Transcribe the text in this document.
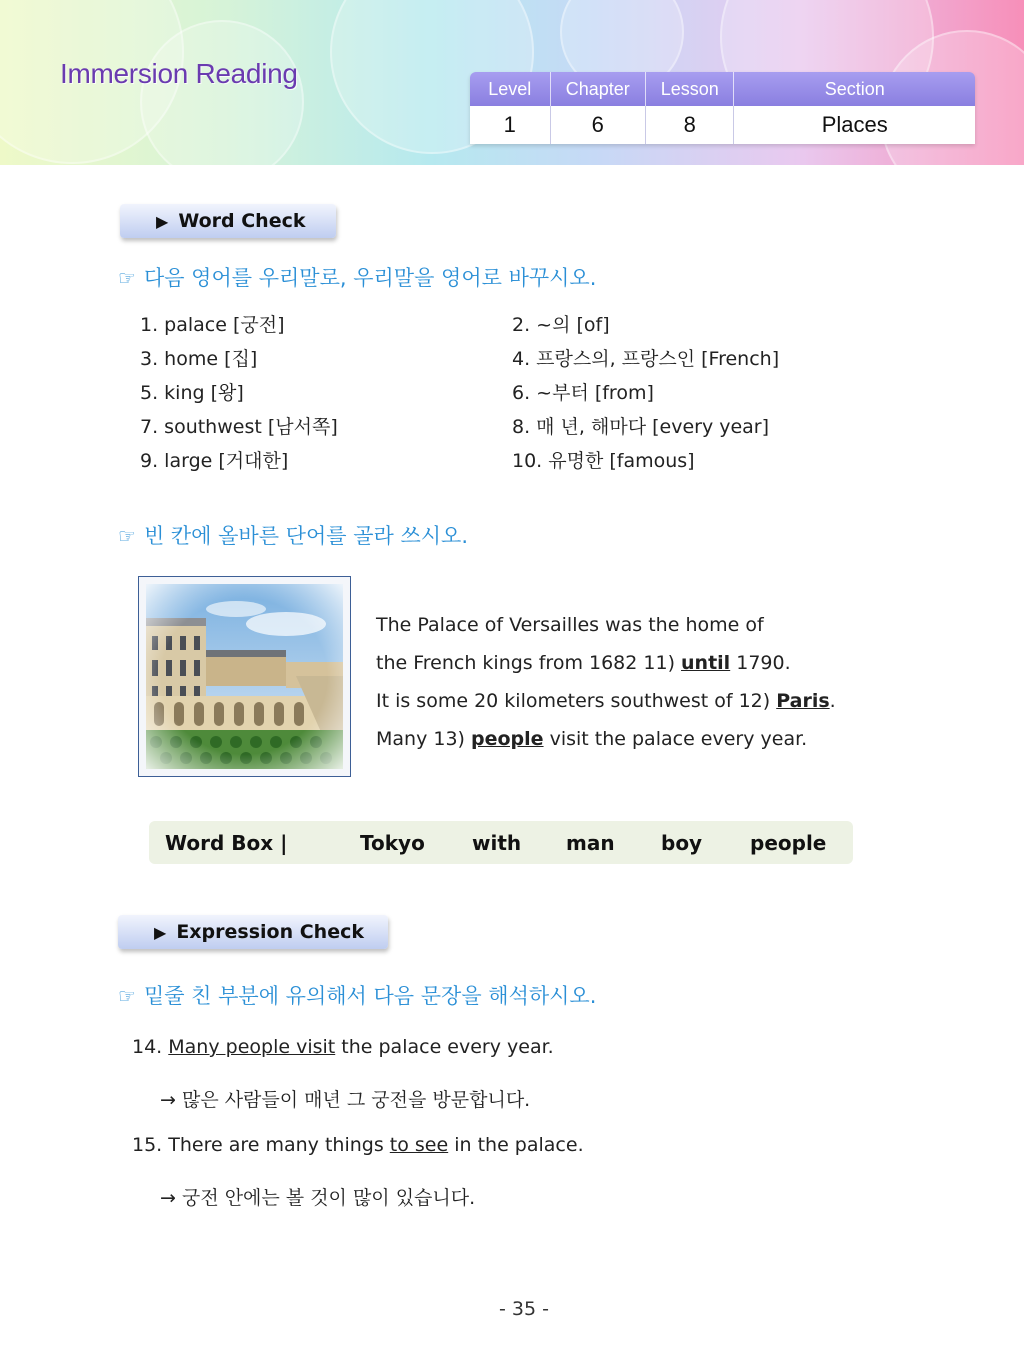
Immersion Reading	Level	Chapter	Lesson	Section
1	6	8	Places
▶ Word Check
☞ 다음 영어를 우리말로, 우리말을 영어로 바꾸시오.
1. palace [궁전]	2. ~의 [of]
3. home [집]	4. 프랑스의, 프랑스인 [French]
5. king [왕]	6. ~부터 [from]
7. southwest [남서쪽]	8. 매 년, 해마다 [every year]
9. large [거대한]	10. 유명한 [famous]
☞ 빈 칸에 올바른 단어를 골라 쓰시오.
The Palace of Versailles was the home of
the French kings from 1682 11) until 1790.
It is some 20 kilometers southwest of 12) Paris.
Many 13) people visit the palace every year.
Word Box |	Tokyo with man boy people
▶ Expression Check
☞ 밑줄 친 부분에 유의해서 다음 문장을 해석하시오.
14. Many people visit the palace every year.
→ 많은 사람들이 매년 그 궁전을 방문합니다.
15. There are many things to see in the palace.
→ 궁전 안에는 볼 것이 많이 있습니다.
- 35 -
